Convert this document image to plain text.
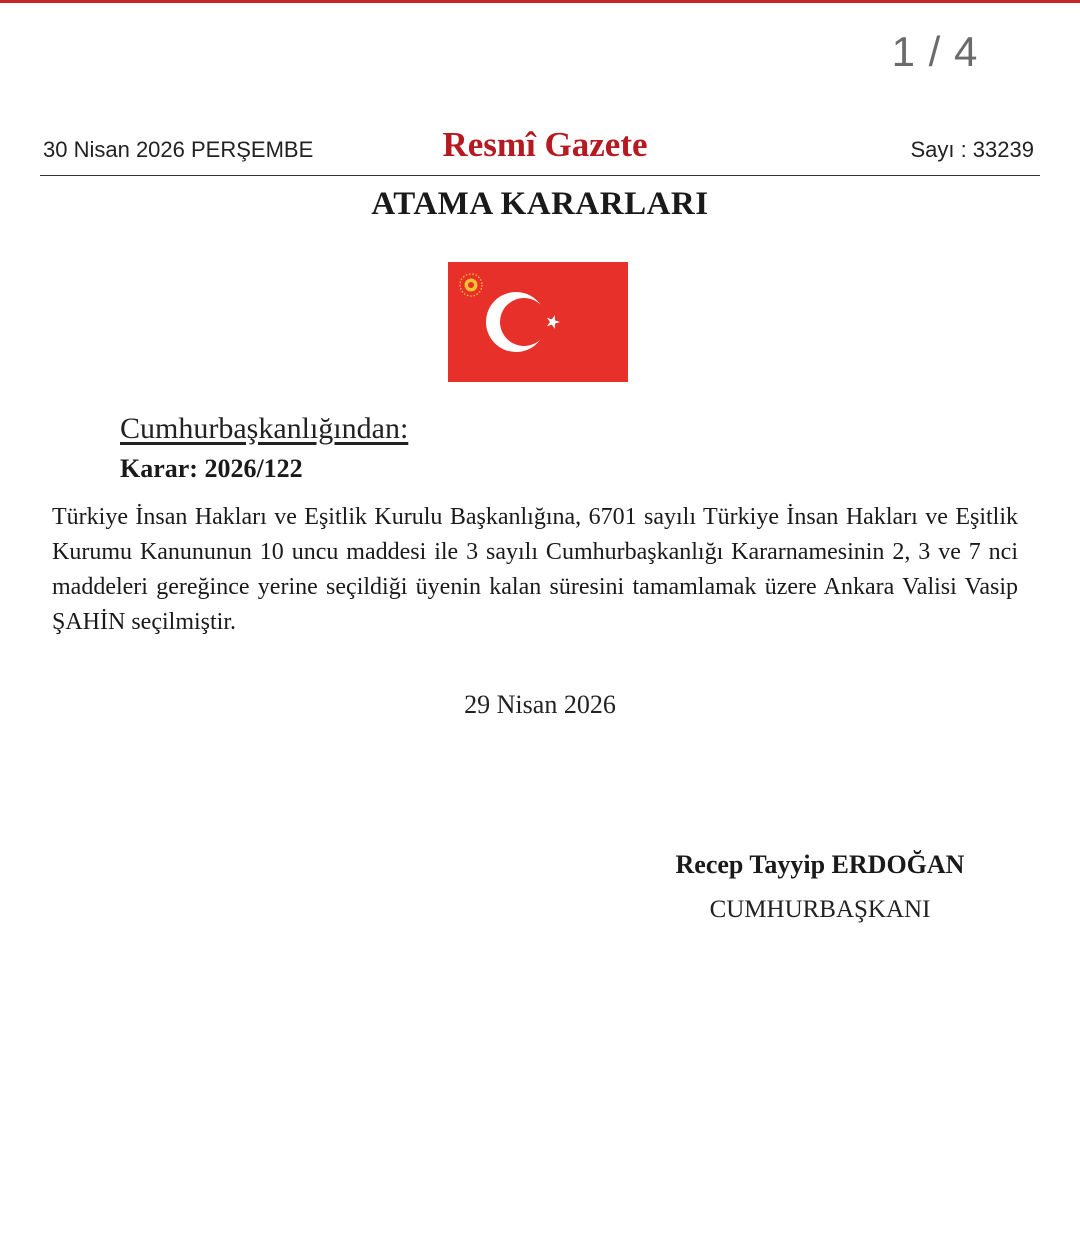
1 / 4
30 Nisan 2026 PERŞEMBE	Resmî Gazete	Sayı : 33239
ATAMA KARARLARI
Cumhurbaşkanlığından:
Karar: 2026/122
Türkiye İnsan Hakları ve Eşitlik Kurulu Başkanlığına, 6701 sayılı Türkiye İnsan Hakları ve Eşitlik Kurumu Kanununun 10 uncu maddesi ile 3 sayılı Cumhurbaşkanlığı Kararnamesinin 2, 3 ve 7 nci maddeleri gereğince yerine seçildiği üyenin kalan süresini tamamlamak üzere Ankara Valisi Vasip ŞAHİN seçilmiştir.
29 Nisan 2026
Recep Tayyip ERDOĞAN
CUMHURBAŞKANI
